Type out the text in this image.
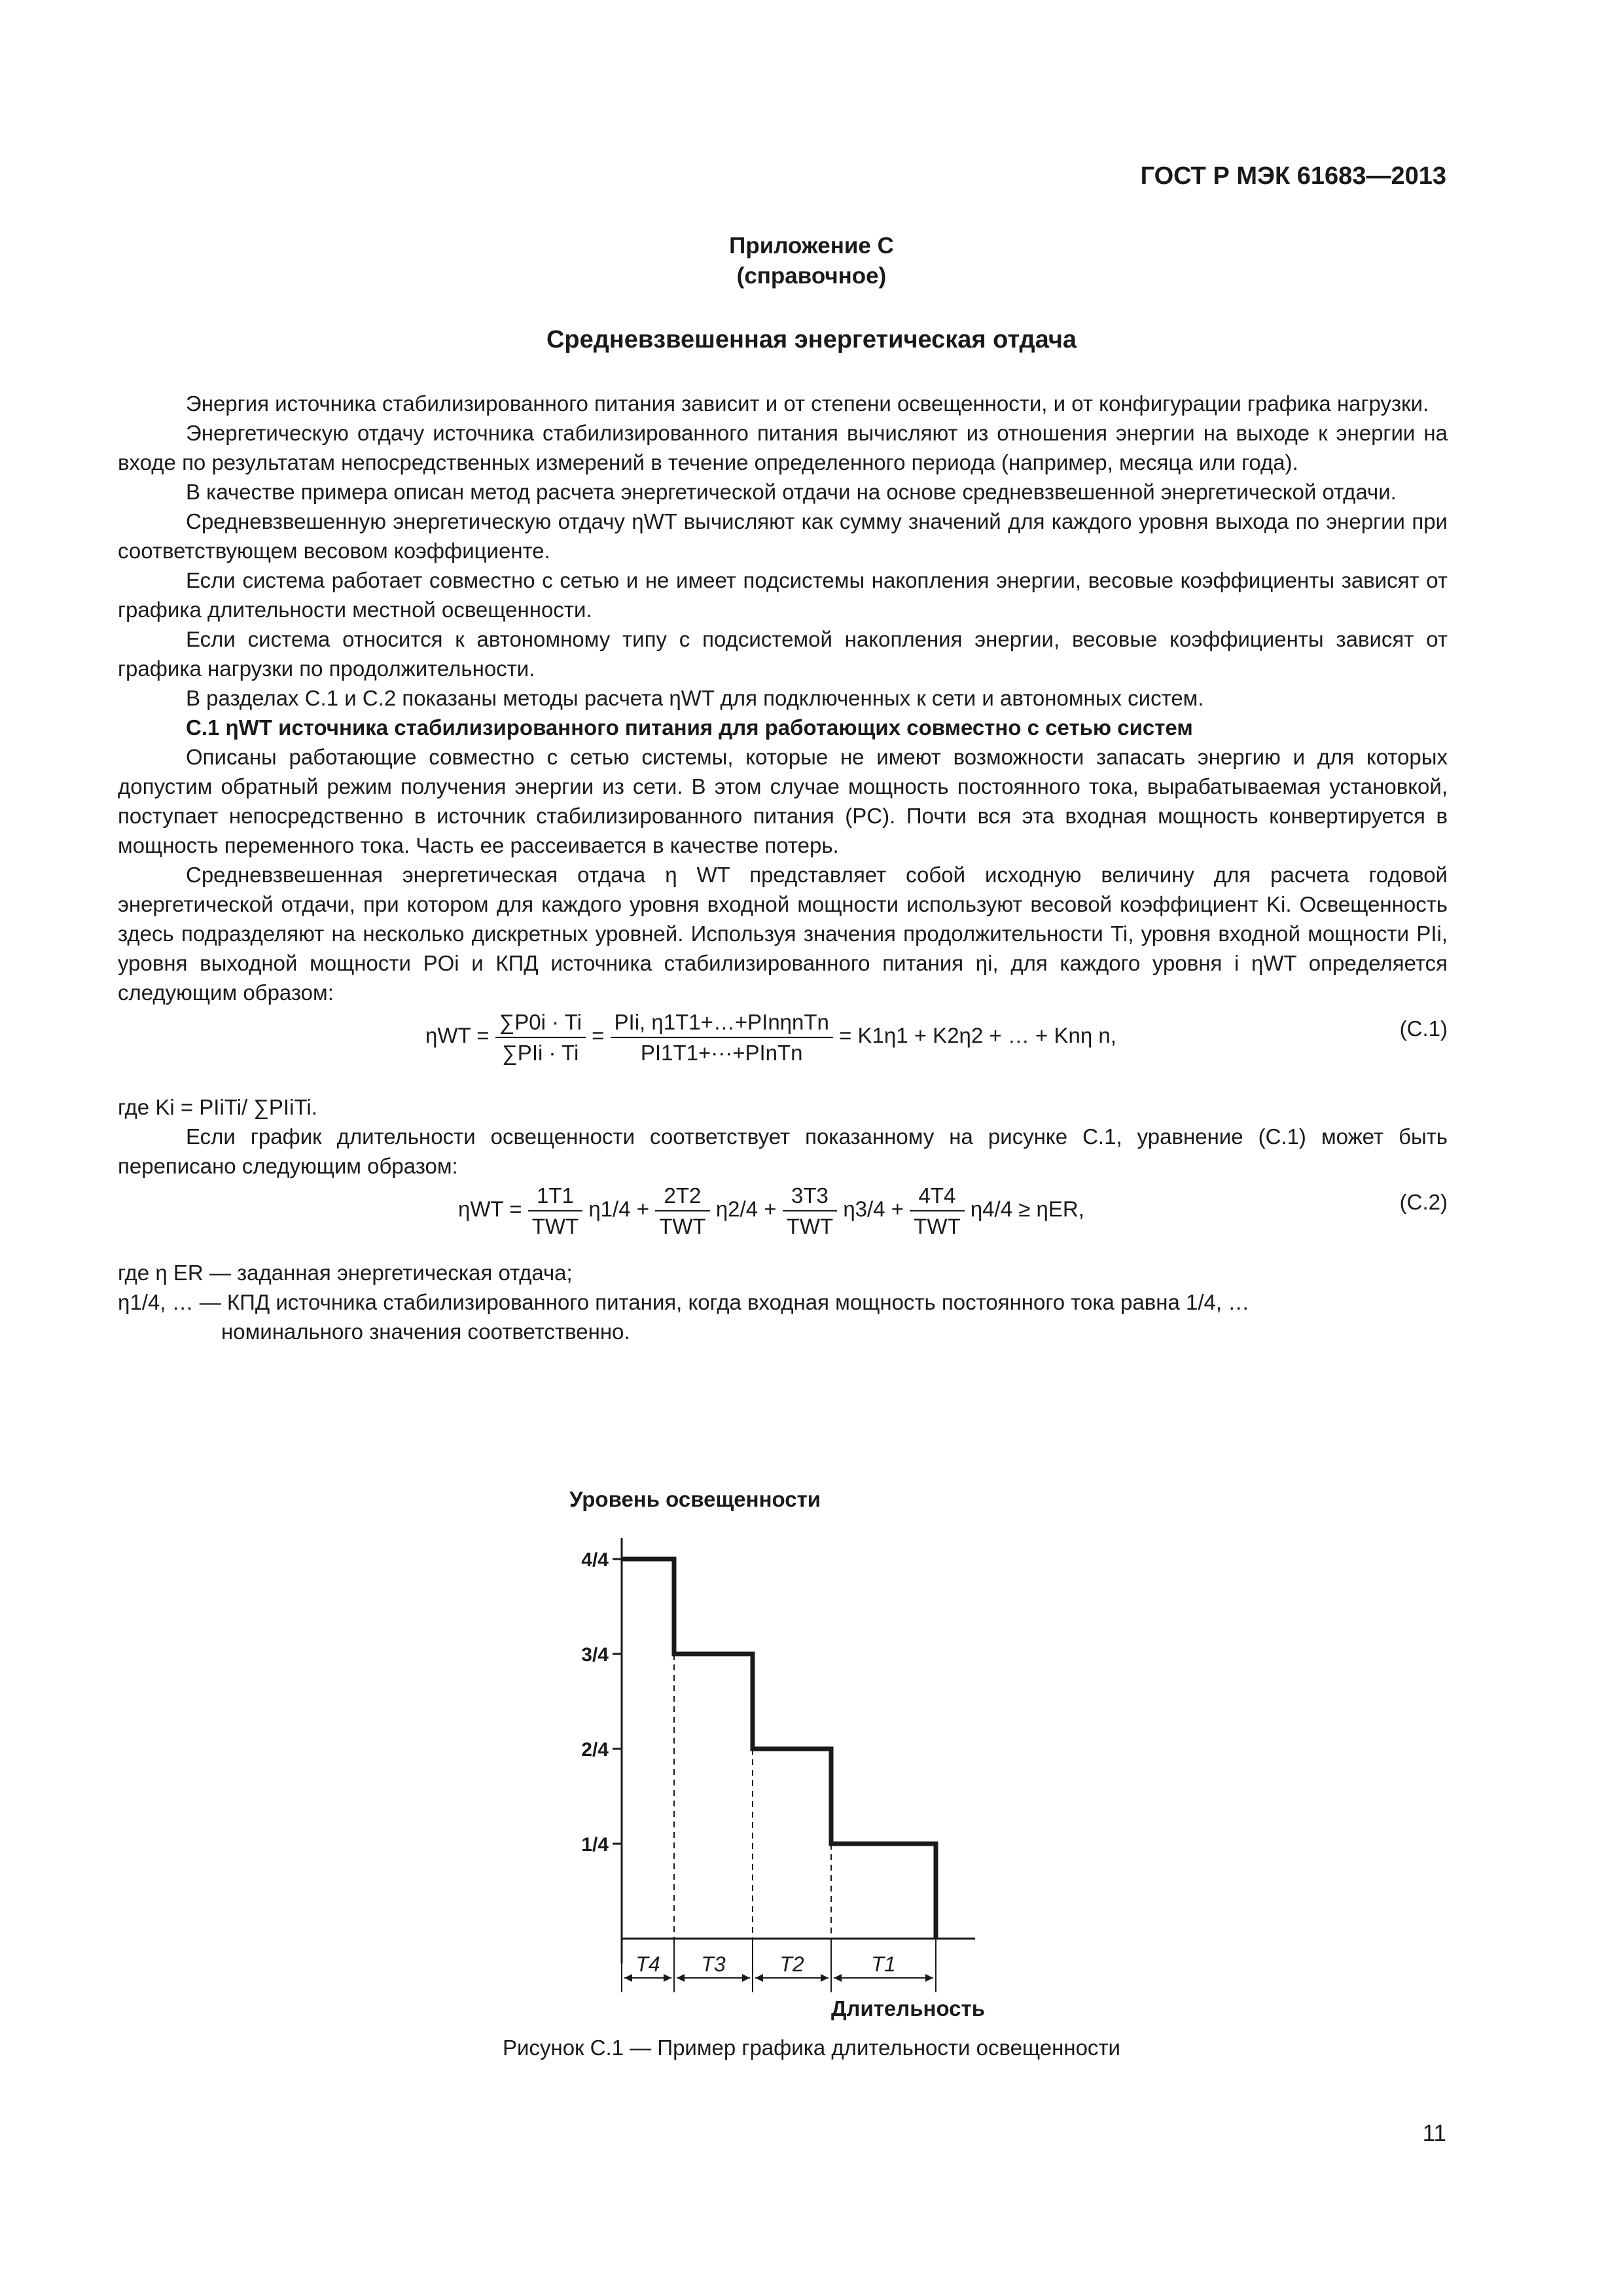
ГОСТ Р МЭК 61683—2013
Приложение С
(справочное)
Средневзвешенная энергетическая отдача

Энергия источника стабилизированного питания зависит и от степени освещенности, и от конфигурации графика нагрузки.

Энергетическую отдачу источника стабилизированного питания вычисляют из отношения энергии на выходе к энергии на входе по результатам непосредственных измерений в течение определенного периода (например, месяца или года).

В качестве примера описан метод расчета энергетической отдачи на основе средневзвешенной энергетической отдачи.

Средневзвешенную энергетическую отдачу ηWT вычисляют как сумму значений для каждого уровня выхода по энергии при соответствующем весовом коэффициенте.

Если система работает совместно с сетью и не имеет подсистемы накопления энергии, весовые коэффициенты зависят от графика длительности местной освещенности.

Если система относится к автономному типу с подсистемой накопления энергии, весовые коэффициенты зависят от графика нагрузки по продолжительности.

В разделах С.1 и С.2 показаны методы расчета ηWT для подключенных к сети и автономных систем.

С.1 ηWT источника стабилизированного питания для работающих совместно с сетью систем

Описаны работающие совместно с сетью системы, которые не имеют возможности запасать энергию и для которых допустим обратный режим получения энергии из сети. В этом случае мощность постоянного тока, вырабатываемая установкой, поступает непосредственно в источник стабилизированного питания (PC). Почти вся эта входная мощность конвертируется в мощность переменного тока. Часть ее рассеивается в качестве потерь.

Средневзвешенная энергетическая отдача η WT представляет собой исходную величину для расчета годовой энергетической отдачи, при котором для каждого уровня входной мощности используют весовой коэффициент Ki. Освещенность здесь подразделяют на несколько дискретных уровней. Используя значения продолжительности Ti, уровня входной мощности PIi, уровня выходной мощности POi и КПД источника стабилизированного питания ηi, для каждого уровня i ηWT определяется следующим образом:

$\eta WT = \frac{\sum P0i \cdot Ti}{\text{∑PIi · Ti}} = \frac{\text{PIi, η1T1+…+PInηnTn}}{\text{PI1T1+···+PInTn}} = K1\eta 1 + K2\eta 2$ + … + Knη n,	(С.1)

где Ki = PIiTi/ ∑PIiTi.

Если график длительности освещенности соответствует показанному на рисунке С.1, уравнение (С.1) может быть переписано следующим образом:

$\eta WT = \frac{1T1}{\text{TWT}} \eta 1/4 + \frac{2T2}{\text{TWT}} \eta 2/4 + \frac{3T3}{\text{TWT}} \eta 3/4 + \frac{4T4}{\text{TWT}} \eta 4/4 \ge \eta ER$,	(С.2)

где η ER — заданная энергетическая отдача;

η1/4, … — КПД источника стабилизированного питания, когда входная мощность постоянного тока равна 1/4, …

номинального значения соответственно.

Уровень освещенности
1/4
2/4
3/4
4/4
T4 T3	T2	T1
Длительность
Рисунок С.1 — Пример графика длительности освещенности
11
